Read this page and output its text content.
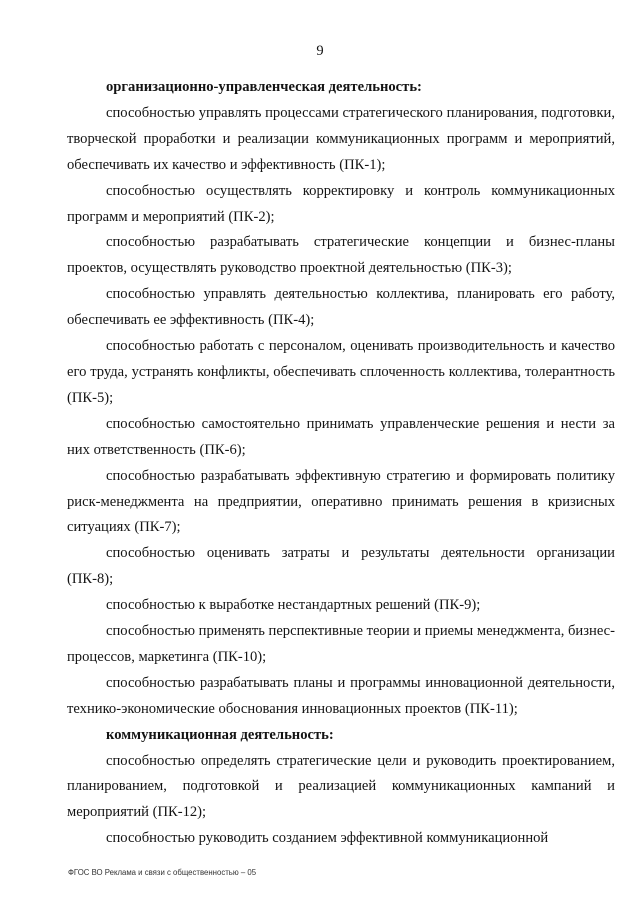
9

организационно-управленческая деятельность:

способностью управлять процессами стратегического планирования, подготовки, творческой проработки и реализации коммуникационных программ и мероприятий, обеспечивать их качество и эффективность (ПК-1);

способностью осуществлять корректировку и контроль коммуникационных программ и мероприятий (ПК-2);

способностью разрабатывать стратегические концепции и бизнес-планы проектов, осуществлять руководство проектной деятельностью (ПК-3);

способностью управлять деятельностью коллектива, планировать его работу, обеспечивать ее эффективность (ПК-4);

способностью работать с персоналом, оценивать производительность и качество его труда, устранять конфликты, обеспечивать сплоченность коллектива, толерантность (ПК-5);

способностью самостоятельно принимать управленческие решения и нести за них ответственность (ПК-6);

способностью разрабатывать эффективную стратегию и формировать политику риск-менеджмента на предприятии, оперативно принимать решения в кризисных ситуациях (ПК-7);

способностью оценивать затраты и результаты деятельности организации (ПК-8);

способностью к выработке нестандартных решений (ПК-9);

способностью применять перспективные теории и приемы менеджмента, бизнес-процессов, маркетинга (ПК-10);

способностью разрабатывать планы и программы инновационной деятельности, технико-экономические обоснования инновационных проектов (ПК-11);

коммуникационная деятельность:

способностью определять стратегические цели и руководить проектированием, планированием, подготовкой и реализацией коммуникационных кампаний и мероприятий (ПК-12);

способностью руководить созданием эффективной коммуникационной

ФГОС ВО Реклама и связи с общественностью – 05
